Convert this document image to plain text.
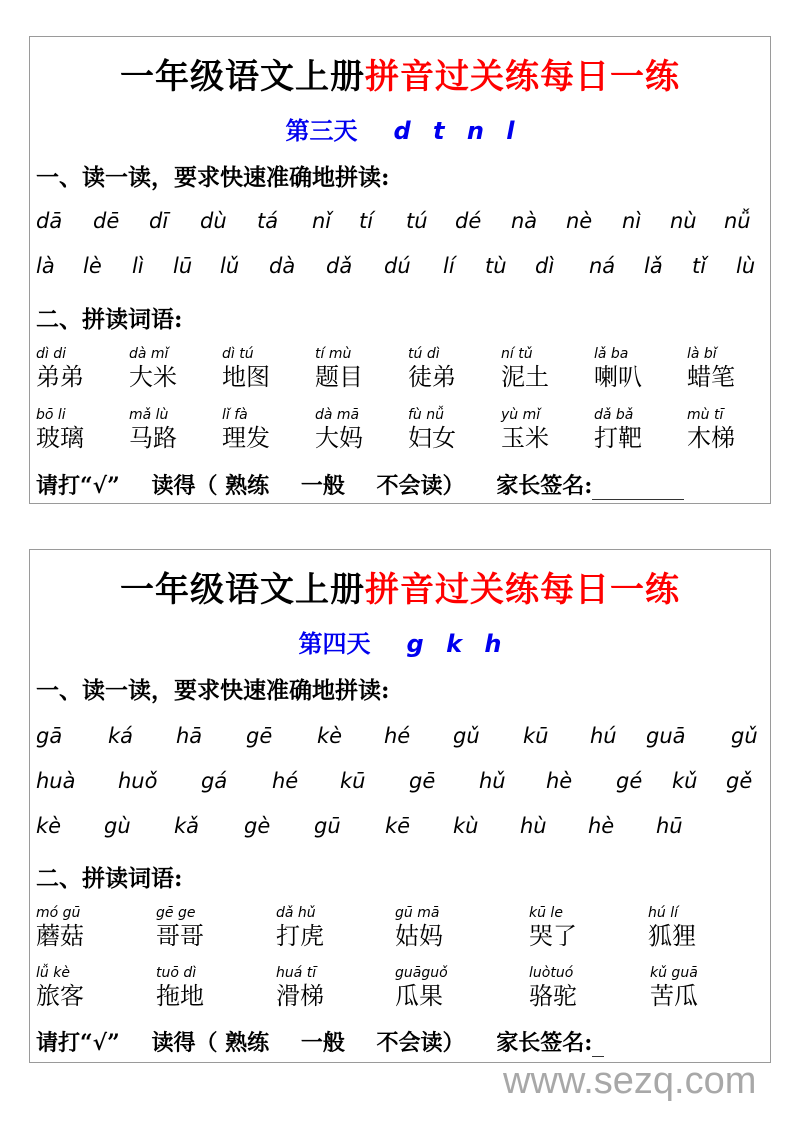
一年级语文上册拼音过关练每日一练
第三天 d t n l
一、读一读，要求快速准确地拼读:
dā dē dī dù tá nǐ tí tú dé nà nè nì nù nǚ
là lè lì lū lǔ dà dǎ dú lí tù dì ná lǎ tǐ lù
二、拼读词语:
dì di
弟弟
dà mǐ
大米
dì tú
地图
tí mù
题目
tú dì
徒弟
ní tǔ
泥土
lǎ ba
喇叭
là bǐ
蜡笔
bō li
玻璃
mǎ lù
马路
lǐ fà
理发
dà mā
大妈
fù nǚ
妇女
yù mǐ
玉米
dǎ bǎ
打靶
mù tī
木梯
请打“√” 读得（ 熟练 一般 不会读） 家长签名:
一年级语文上册拼音过关练每日一练
第四天 g k h
一、读一读，要求快速准确地拼读:
gā ká hā gē kè hé gǔ kū hú guā gǔ
huà huǒ gá hé kū gē hǔ hè gé kǔ gě
kè gù kǎ gè gū kē kù hù hè hū
二、拼读词语:
mó gū
蘑菇
gē ge
哥哥
dǎ hǔ
打虎
gū mā
姑妈
kū le
哭了
hú lí
狐狸
lǚ kè
旅客
tuō dì
拖地
huá tī
滑梯
guāguǒ
瓜果
luòtuó
骆驼
kǔ guā
苦瓜
请打“√” 读得（ 熟练 一般 不会读） 家长签名:
www.sezq.com
